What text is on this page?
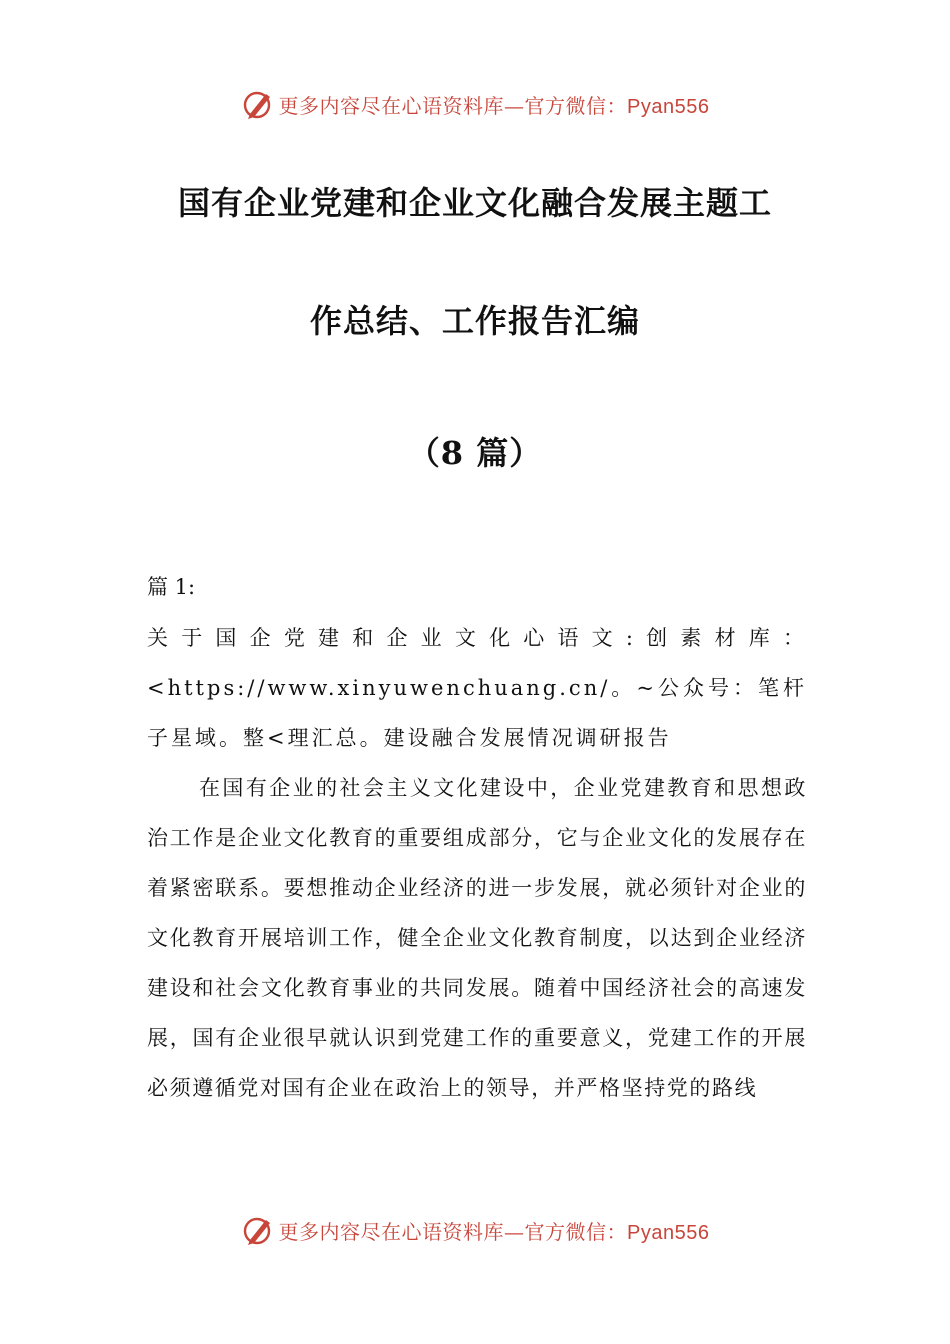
更多内容尽在心语资料库—官方微信：Pyan556
国有企业党建和企业文化融合发展主题工
作总结、工作报告汇编
（8 篇）
篇 1:

关于国企党建和企业文化心语文:创素材库：<https://www.xinyuwenchuang.cn/。~公众号：笔杆子星域。整<理汇总。建设融合发展情况调研报告

在国有企业的社会主义文化建设中，企业党建教育和思想政治工作是企业文化教育的重要组成部分，它与企业文化的发展存在着紧密联系。要想推动企业经济的进一步发展，就必须针对企业的文化教育开展培训工作，健全企业文化教育制度，以达到企业经济建设和社会文化教育事业的共同发展。随着中国经济社会的高速发展，国有企业很早就认识到党建工作的重要意义，党建工作的开展必须遵循党对国有企业在政治上的领导，并严格坚持党的路线

更多内容尽在心语资料库—官方微信：Pyan556
